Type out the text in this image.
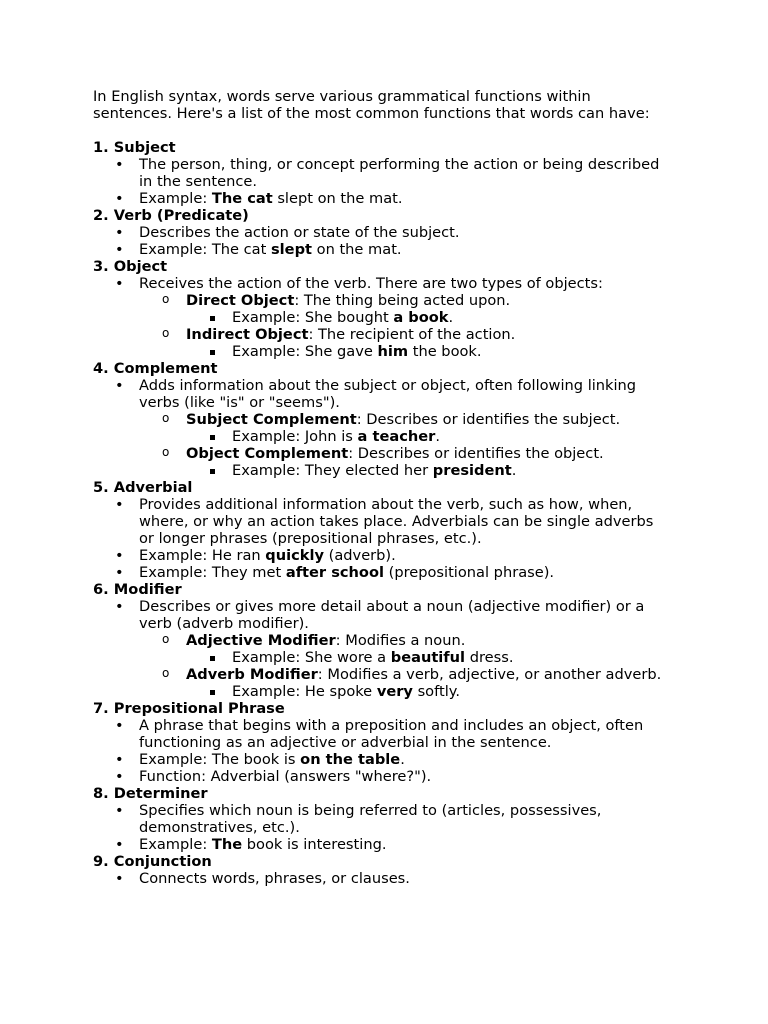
In English syntax, words serve various grammatical functions within sentences. Here's a list of the most common functions that words can have:

1. Subject
• The person, thing, or concept performing the action or being described in the sentence.
• Example: The cat slept on the mat.
2. Verb (Predicate)
• Describes the action or state of the subject.
• Example: The cat slept on the mat.
3. Object
• Receives the action of the verb. There are two types of objects:
o Direct Object: The thing being acted upon.
Example: She bought a book.
o Indirect Object: The recipient of the action.
Example: She gave him the book.
4. Complement
• Adds information about the subject or object, often following linking verbs (like "is" or "seems").
o Subject Complement: Describes or identifies the subject.
Example: John is a teacher.
o Object Complement: Describes or identifies the object.
Example: They elected her president.
5. Adverbial
• Provides additional information about the verb, such as how, when, where, or why an action takes place. Adverbials can be single adverbs or longer phrases (prepositional phrases, etc.).
• Example: He ran quickly (adverb).
• Example: They met after school (prepositional phrase).
6. Modifier
• Describes or gives more detail about a noun (adjective modifier) or a verb (adverb modifier).
o Adjective Modifier: Modifies a noun.
Example: She wore a beautiful dress.
o Adverb Modifier: Modifies a verb, adjective, or another adverb.
Example: He spoke very softly.
7. Prepositional Phrase
• A phrase that begins with a preposition and includes an object, often functioning as an adjective or adverbial in the sentence.
• Example: The book is on the table.
• Function: Adverbial (answers "where?").
8. Determiner
• Specifies which noun is being referred to (articles, possessives, demonstratives, etc.).
• Example: The book is interesting.
9. Conjunction
• Connects words, phrases, or clauses.
